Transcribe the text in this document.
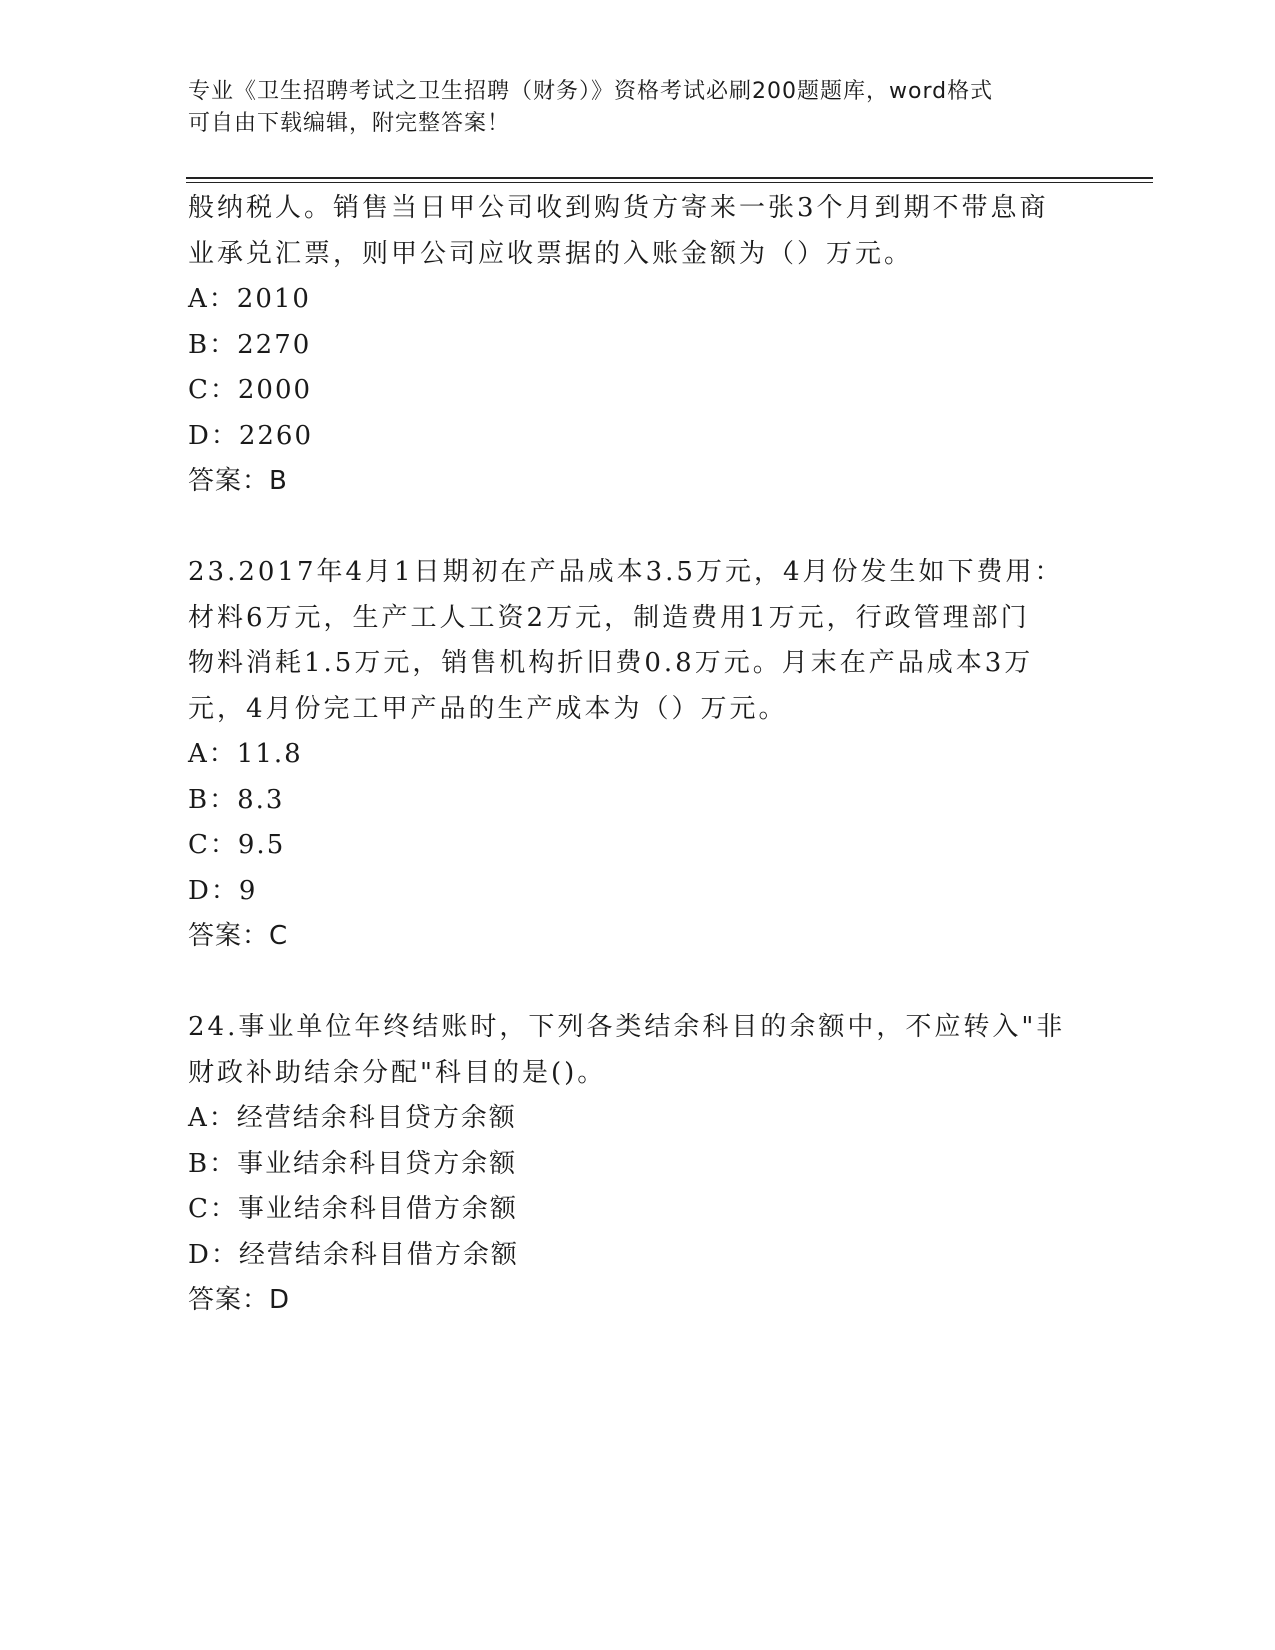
专业《卫生招聘考试之卫生招聘（财务）》资格考试必刷200题题库，word格式
可自由下载编辑，附完整答案！

般纳税人。销售当日甲公司收到购货方寄来一张3个月到期不带息商

业承兑汇票，则甲公司应收票据的入账金额为（）万元。

A：2010

B：2270

C：2000

D：2260

答案：B

23.2017年4月1日期初在产品成本3.5万元，4月份发生如下费用：

材料6万元，生产工人工资2万元，制造费用1万元，行政管理部门

物料消耗1.5万元，销售机构折旧费0.8万元。月末在产品成本3万

元，4月份完工甲产品的生产成本为（）万元。

A：11.8

B：8.3

C：9.5

D：9

答案：C

24.事业单位年终结账时，下列各类结余科目的余额中，不应转入"非

财政补助结余分配"科目的是()。

A：经营结余科目贷方余额

B：事业结余科目贷方余额

C：事业结余科目借方余额

D：经营结余科目借方余额

答案：D
